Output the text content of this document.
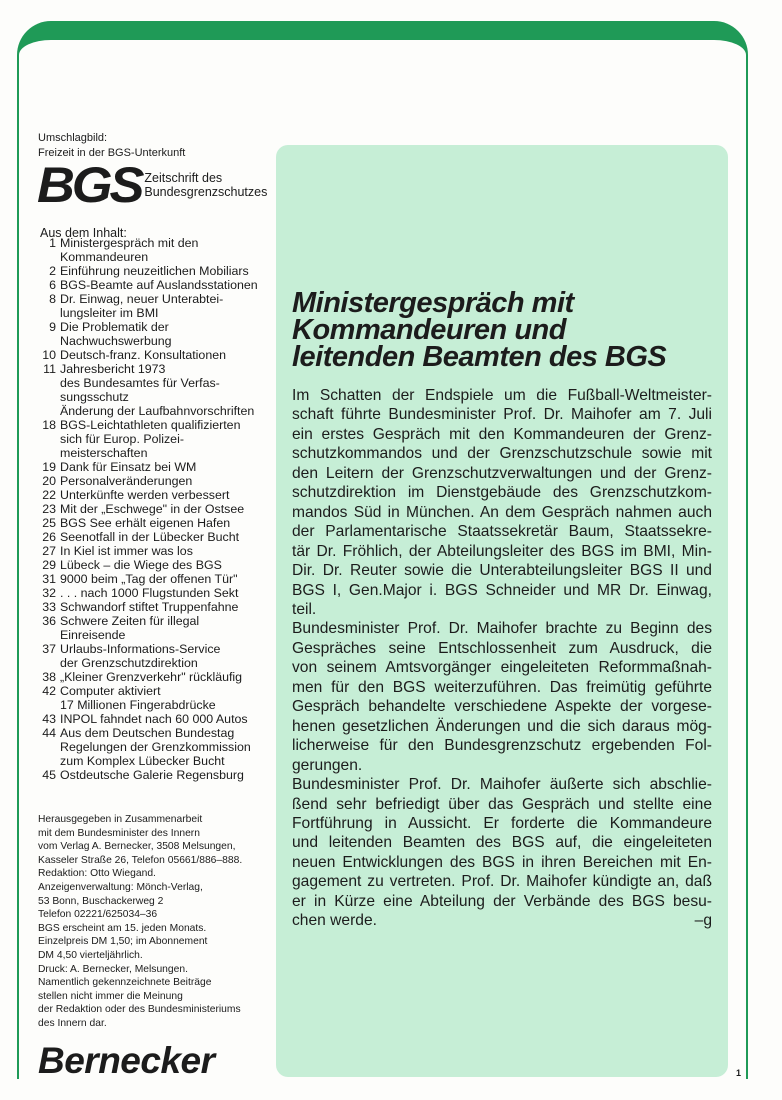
Umschlagbild:
Freizeit in der BGS-Unterkunft
BGS Zeitschrift des
Bundesgrenzschutzes
Aus dem Inhalt:
1 Ministergespräch mit den
Kommandeuren
2 Einführung neuzeitlichen Mobiliars
6 BGS-Beamte auf Auslandsstationen
8 Dr. Einwag, neuer Unterabtei-
lungsleiter im BMI
9 Die Problematik der
Nachwuchswerbung
10 Deutsch-franz. Konsultationen
11 Jahresbericht 1973
des Bundesamtes für Verfas-
sungsschutz
Änderung der Laufbahnvorschriften
18 BGS-Leichtathleten qualifizierten
sich für Europ. Polizei-
meisterschaften
19 Dank für Einsatz bei WM
20 Personalveränderungen
22 Unterkünfte werden verbessert
23 Mit der „Eschwege" in der Ostsee
25 BGS See erhält eigenen Hafen
26 Seenotfall in der Lübecker Bucht
27 In Kiel ist immer was los
29 Lübeck – die Wiege des BGS
31 9000 beim „Tag der offenen Tür"
32 . . . nach 1000 Flugstunden Sekt
33 Schwandorf stiftet Truppenfahne
36 Schwere Zeiten für illegal
Einreisende
37 Urlaubs-Informations-Service
der Grenzschutzdirektion
38 „Kleiner Grenzverkehr" rückläufig
42 Computer aktiviert
17 Millionen Fingerabdrücke
43 INPOL fahndet nach 60 000 Autos
44 Aus dem Deutschen Bundestag
Regelungen der Grenzkommission
zum Komplex Lübecker Bucht
45 Ostdeutsche Galerie Regensburg
Herausgegeben in Zusammenarbeit
mit dem Bundesminister des Innern
vom Verlag A. Bernecker, 3508 Melsungen,
Kasseler Straße 26, Telefon 05661/886–888.
Redaktion: Otto Wiegand.
Anzeigenverwaltung: Mönch-Verlag,
53 Bonn, Buschackerweg 2
Telefon 02221/625034–36
BGS erscheint am 15. jeden Monats.
Einzelpreis DM 1,50; im Abonnement
DM 4,50 vierteljährlich.
Druck: A. Bernecker, Melsungen.
Namentlich gekennzeichnete Beiträge
stellen nicht immer die Meinung
der Redaktion oder des Bundesministeriums
des Innern dar.
Bernecker
Ministergespräch mit
Kommandeuren und
leitenden Beamten des BGS
Im Schatten der Endspiele um die Fußball-Weltmeister-
schaft führte Bundesminister Prof. Dr. Maihofer am 7. Juli
ein erstes Gespräch mit den Kommandeuren der Grenz-
schutzkommandos und der Grenzschutzschule sowie mit
den Leitern der Grenzschutzverwaltungen und der Grenz-
schutzdirektion im Dienstgebäude des Grenzschutzkom-
mandos Süd in München. An dem Gespräch nahmen auch
der Parlamentarische Staatssekretär Baum, Staatssekre-
tär Dr. Fröhlich, der Abteilungsleiter des BGS im BMI, Min-
Dir. Dr. Reuter sowie die Unterabteilungsleiter BGS II und
BGS I, Gen.Major i. BGS Schneider und MR Dr. Einwag,
teil.
Bundesminister Prof. Dr. Maihofer brachte zu Beginn des
Gespräches seine Entschlossenheit zum Ausdruck, die
von seinem Amtsvorgänger eingeleiteten Reformmaßnah-
men für den BGS weiterzuführen. Das freimütig geführte
Gespräch behandelte verschiedene Aspekte der vorgese-
henen gesetzlichen Änderungen und die sich daraus mög-
licherweise für den Bundesgrenzschutz ergebenden Fol-
gerungen.
Bundesminister Prof. Dr. Maihofer äußerte sich abschlie-
ßend sehr befriedigt über das Gespräch und stellte eine
Fortführung in Aussicht. Er forderte die Kommandeure
und leitenden Beamten des BGS auf, die eingeleiteten
neuen Entwicklungen des BGS in ihren Bereichen mit En-
gagement zu vertreten. Prof. Dr. Maihofer kündigte an, daß
er in Kürze eine Abteilung der Verbände des BGS besu-
chen werde.	–g
1
